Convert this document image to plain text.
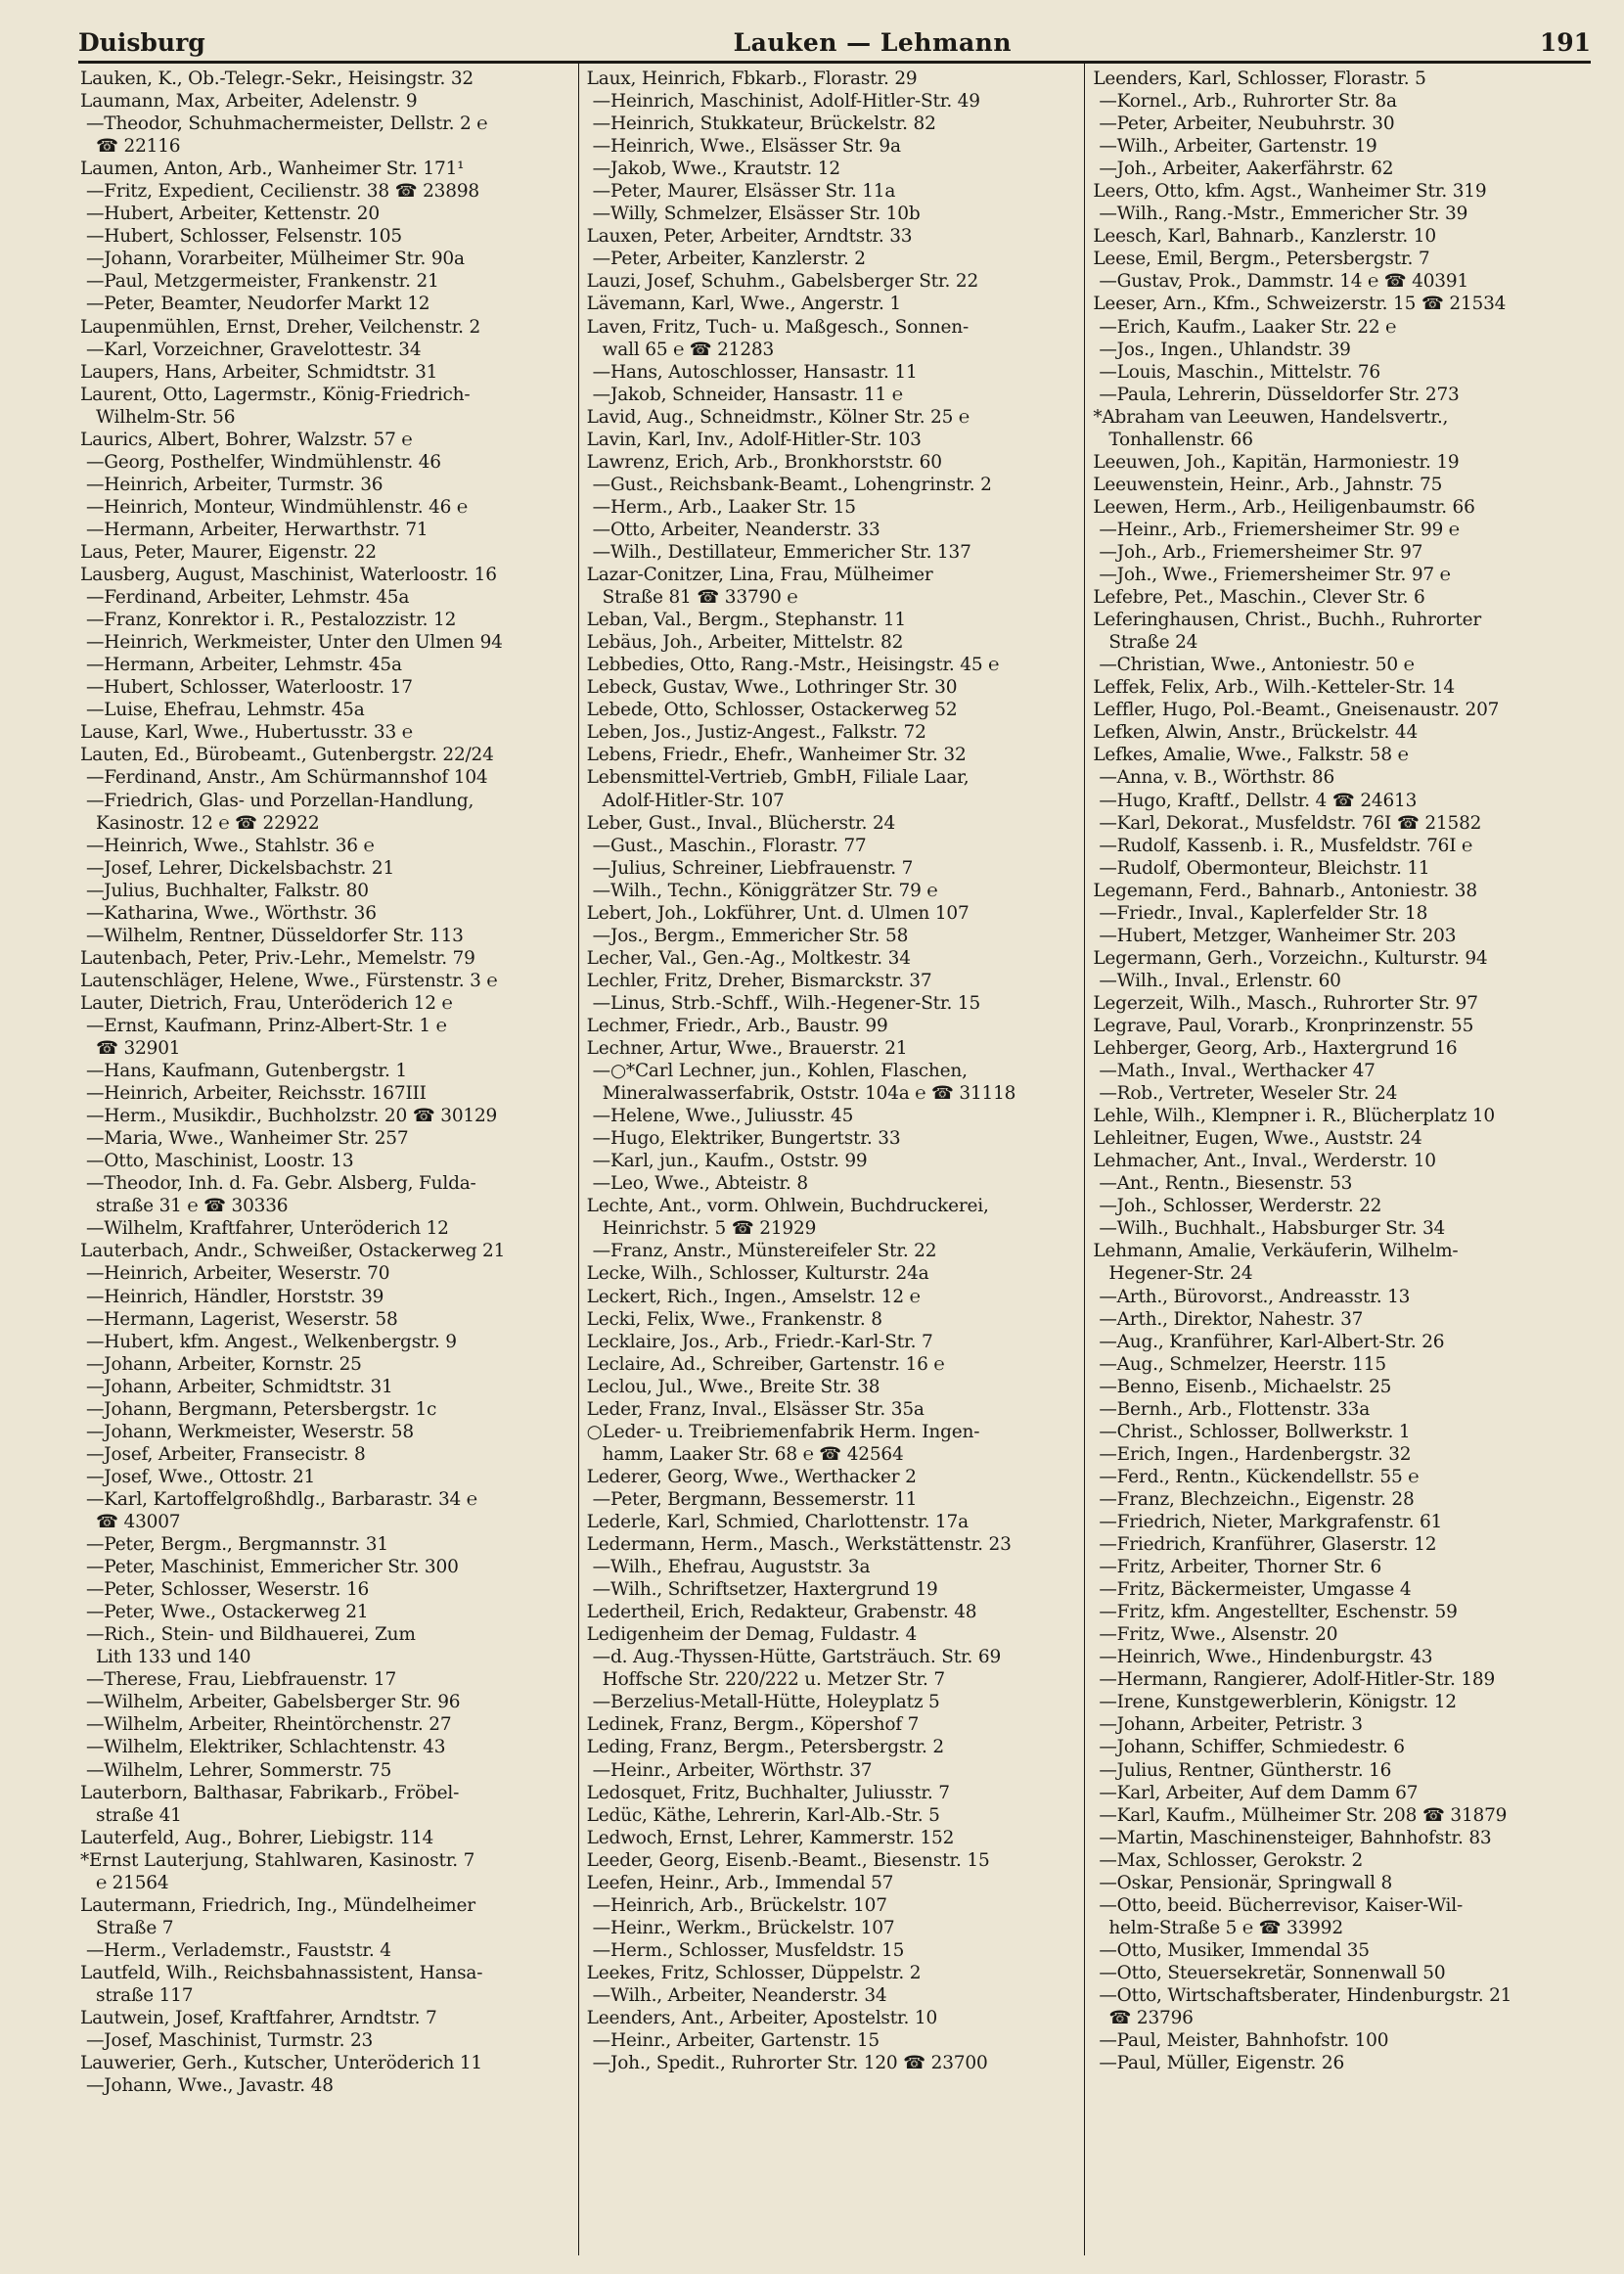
Duisburg	Lauken — Lehmann	191
Lauken, K., Ob.-Telegr.-Sekr., Heisingstr. 32
Laumann, Max, Arbeiter, Adelenstr. 9
—Theodor, Schuhmachermeister, Dellstr. 2 ℮
☎ 22116
Laumen, Anton, Arb., Wanheimer Str. 171¹
—Fritz, Expedient, Cecilienstr. 38 ☎ 23898
—Hubert, Arbeiter, Kettenstr. 20
—Hubert, Schlosser, Felsenstr. 105
—Johann, Vorarbeiter, Mülheimer Str. 90a
—Paul, Metzgermeister, Frankenstr. 21
—Peter, Beamter, Neudorfer Markt 12
Laupenmühlen, Ernst, Dreher, Veilchenstr. 2
—Karl, Vorzeichner, Gravelottestr. 34
Laupers, Hans, Arbeiter, Schmidtstr. 31
Laurent, Otto, Lagermstr., König-Friedrich-
Wilhelm-Str. 56
Laurics, Albert, Bohrer, Walzstr. 57 ℮
—Georg, Posthelfer, Windmühlenstr. 46
—Heinrich, Arbeiter, Turmstr. 36
—Heinrich, Monteur, Windmühlenstr. 46 ℮
—Hermann, Arbeiter, Herwarthstr. 71
Laus, Peter, Maurer, Eigenstr. 22
Lausberg, August, Maschinist, Waterloostr. 16
—Ferdinand, Arbeiter, Lehmstr. 45a
—Franz, Konrektor i. R., Pestalozzistr. 12
—Heinrich, Werkmeister, Unter den Ulmen 94
—Hermann, Arbeiter, Lehmstr. 45a
—Hubert, Schlosser, Waterloostr. 17
—Luise, Ehefrau, Lehmstr. 45a
Lause, Karl, Wwe., Hubertusstr. 33 ℮
Lauten, Ed., Bürobeamt., Gutenbergstr. 22/24
—Ferdinand, Anstr., Am Schürmannshof 104
—Friedrich, Glas- und Porzellan-Handlung,
Kasinostr. 12 ℮ ☎ 22922
—Heinrich, Wwe., Stahlstr. 36 ℮
—Josef, Lehrer, Dickelsbachstr. 21
—Julius, Buchhalter, Falkstr. 80
—Katharina, Wwe., Wörthstr. 36
—Wilhelm, Rentner, Düsseldorfer Str. 113
Lautenbach, Peter, Priv.-Lehr., Memelstr. 79
Lautenschläger, Helene, Wwe., Fürstenstr. 3 ℮
Lauter, Dietrich, Frau, Unteröderich 12 ℮
—Ernst, Kaufmann, Prinz-Albert-Str. 1 ℮
☎ 32901
—Hans, Kaufmann, Gutenbergstr. 1
—Heinrich, Arbeiter, Reichsstr. 167III
—Herm., Musikdir., Buchholzstr. 20 ☎ 30129
—Maria, Wwe., Wanheimer Str. 257
—Otto, Maschinist, Loostr. 13
—Theodor, Inh. d. Fa. Gebr. Alsberg, Fulda-
straße 31 ℮ ☎ 30336
—Wilhelm, Kraftfahrer, Unteröderich 12
Lauterbach, Andr., Schweißer, Ostackerweg 21
—Heinrich, Arbeiter, Weserstr. 70
—Heinrich, Händler, Horststr. 39
—Hermann, Lagerist, Weserstr. 58
—Hubert, kfm. Angest., Welkenbergstr. 9
—Johann, Arbeiter, Kornstr. 25
—Johann, Arbeiter, Schmidtstr. 31
—Johann, Bergmann, Petersbergstr. 1c
—Johann, Werkmeister, Weserstr. 58
—Josef, Arbeiter, Fransecistr. 8
—Josef, Wwe., Ottostr. 21
—Karl, Kartoffelgroßhdlg., Barbarastr. 34 ℮
☎ 43007
—Peter, Bergm., Bergmannstr. 31
—Peter, Maschinist, Emmericher Str. 300
—Peter, Schlosser, Weserstr. 16
—Peter, Wwe., Ostackerweg 21
—Rich., Stein- und Bildhauerei, Zum
Lith 133 und 140
—Therese, Frau, Liebfrauenstr. 17
—Wilhelm, Arbeiter, Gabelsberger Str. 96
—Wilhelm, Arbeiter, Rheintörchenstr. 27
—Wilhelm, Elektriker, Schlachtenstr. 43
—Wilhelm, Lehrer, Sommerstr. 75
Lauterborn, Balthasar, Fabrikarb., Fröbel-
straße 41
Lauterfeld, Aug., Bohrer, Liebigstr. 114
*Ernst Lauterjung, Stahlwaren, Kasinostr. 7
℮ 21564
Lautermann, Friedrich, Ing., Mündelheimer
Straße 7
—Herm., Verlademstr., Fauststr. 4
Lautfeld, Wilh., Reichsbahnassistent, Hansa-
straße 117
Lautwein, Josef, Kraftfahrer, Arndtstr. 7
—Josef, Maschinist, Turmstr. 23
Lauwerier, Gerh., Kutscher, Unteröderich 11
—Johann, Wwe., Javastr. 48
Laux, Heinrich, Fbkarb., Florastr. 29
—Heinrich, Maschinist, Adolf-Hitler-Str. 49
—Heinrich, Stukkateur, Brückelstr. 82
—Heinrich, Wwe., Elsässer Str. 9a
—Jakob, Wwe., Krautstr. 12
—Peter, Maurer, Elsässer Str. 11a
—Willy, Schmelzer, Elsässer Str. 10b
Lauxen, Peter, Arbeiter, Arndtstr. 33
—Peter, Arbeiter, Kanzlerstr. 2
Lauzi, Josef, Schuhm., Gabelsberger Str. 22
Lävemann, Karl, Wwe., Angerstr. 1
Laven, Fritz, Tuch- u. Maßgesch., Sonnen-
wall 65 ℮ ☎ 21283
—Hans, Autoschlosser, Hansastr. 11
—Jakob, Schneider, Hansastr. 11 ℮
Lavid, Aug., Schneidmstr., Kölner Str. 25 ℮
Lavin, Karl, Inv., Adolf-Hitler-Str. 103
Lawrenz, Erich, Arb., Bronkhorststr. 60
—Gust., Reichsbank-Beamt., Lohengrinstr. 2
—Herm., Arb., Laaker Str. 15
—Otto, Arbeiter, Neanderstr. 33
—Wilh., Destillateur, Emmericher Str. 137
Lazar-Conitzer, Lina, Frau, Mülheimer
Straße 81 ☎ 33790 ℮
Leban, Val., Bergm., Stephanstr. 11
Lebäus, Joh., Arbeiter, Mittelstr. 82
Lebbedies, Otto, Rang.-Mstr., Heisingstr. 45 ℮
Lebeck, Gustav, Wwe., Lothringer Str. 30
Lebede, Otto, Schlosser, Ostackerweg 52
Leben, Jos., Justiz-Angest., Falkstr. 72
Lebens, Friedr., Ehefr., Wanheimer Str. 32
Lebensmittel-Vertrieb, GmbH, Filiale Laar,
Adolf-Hitler-Str. 107
Leber, Gust., Inval., Blücherstr. 24
—Gust., Maschin., Florastr. 77
—Julius, Schreiner, Liebfrauenstr. 7
—Wilh., Techn., Königgrätzer Str. 79 ℮
Lebert, Joh., Lokführer, Unt. d. Ulmen 107
—Jos., Bergm., Emmericher Str. 58
Lecher, Val., Gen.-Ag., Moltkestr. 34
Lechler, Fritz, Dreher, Bismarckstr. 37
—Linus, Strb.-Schff., Wilh.-Hegener-Str. 15
Lechmer, Friedr., Arb., Baustr. 99
Lechner, Artur, Wwe., Brauerstr. 21
—○*Carl Lechner, jun., Kohlen, Flaschen,
Mineralwasserfabrik, Oststr. 104a ℮ ☎ 31118
—Helene, Wwe., Juliusstr. 45
—Hugo, Elektriker, Bungertstr. 33
—Karl, jun., Kaufm., Oststr. 99
—Leo, Wwe., Abteistr. 8
Lechte, Ant., vorm. Ohlwein, Buchdruckerei,
Heinrichstr. 5 ☎ 21929
—Franz, Anstr., Münstereifeler Str. 22
Lecke, Wilh., Schlosser, Kulturstr. 24a
Leckert, Rich., Ingen., Amselstr. 12 ℮
Lecki, Felix, Wwe., Frankenstr. 8
Lecklaire, Jos., Arb., Friedr.-Karl-Str. 7
Leclaire, Ad., Schreiber, Gartenstr. 16 ℮
Leclou, Jul., Wwe., Breite Str. 38
Leder, Franz, Inval., Elsässer Str. 35a
○Leder- u. Treibriemenfabrik Herm. Ingen-
hamm, Laaker Str. 68 ℮ ☎ 42564
Lederer, Georg, Wwe., Werthacker 2
—Peter, Bergmann, Bessemerstr. 11
Lederle, Karl, Schmied, Charlottenstr. 17a
Ledermann, Herm., Masch., Werkstättenstr. 23
—Wilh., Ehefrau, Auguststr. 3a
—Wilh., Schriftsetzer, Haxtergrund 19
Ledertheil, Erich, Redakteur, Grabenstr. 48
Ledigenheim der Demag, Fuldastr. 4
—d. Aug.-Thyssen-Hütte, Gartsträuch. Str. 69
Hoffsche Str. 220/222 u. Metzer Str. 7
—Berzelius-Metall-Hütte, Holeyplatz 5
Ledinek, Franz, Bergm., Köpershof 7
Leding, Franz, Bergm., Petersbergstr. 2
—Heinr., Arbeiter, Wörthstr. 37
Ledosquet, Fritz, Buchhalter, Juliusstr. 7
Ledüc, Käthe, Lehrerin, Karl-Alb.-Str. 5
Ledwoch, Ernst, Lehrer, Kammerstr. 152
Leeder, Georg, Eisenb.-Beamt., Biesenstr. 15
Leefen, Heinr., Arb., Immendal 57
—Heinrich, Arb., Brückelstr. 107
—Heinr., Werkm., Brückelstr. 107
—Herm., Schlosser, Musfeldstr. 15
Leekes, Fritz, Schlosser, Düppelstr. 2
—Wilh., Arbeiter, Neanderstr. 34
Leenders, Ant., Arbeiter, Apostelstr. 10
—Heinr., Arbeiter, Gartenstr. 15
—Joh., Spedit., Ruhrorter Str. 120 ☎ 23700
Leenders, Karl, Schlosser, Florastr. 5
—Kornel., Arb., Ruhrorter Str. 8a
—Peter, Arbeiter, Neubuhrstr. 30
—Wilh., Arbeiter, Gartenstr. 19
—Joh., Arbeiter, Aakerfährstr. 62
Leers, Otto, kfm. Agst., Wanheimer Str. 319
—Wilh., Rang.-Mstr., Emmericher Str. 39
Leesch, Karl, Bahnarb., Kanzlerstr. 10
Leese, Emil, Bergm., Petersbergstr. 7
—Gustav, Prok., Dammstr. 14 ℮ ☎ 40391
Leeser, Arn., Kfm., Schweizerstr. 15 ☎ 21534
—Erich, Kaufm., Laaker Str. 22 ℮
—Jos., Ingen., Uhlandstr. 39
—Louis, Maschin., Mittelstr. 76
—Paula, Lehrerin, Düsseldorfer Str. 273
*Abraham van Leeuwen, Handelsvertr.,
Tonhallenstr. 66
Leeuwen, Joh., Kapitän, Harmoniestr. 19
Leeuwenstein, Heinr., Arb., Jahnstr. 75
Leewen, Herm., Arb., Heiligenbaumstr. 66
—Heinr., Arb., Friemersheimer Str. 99 ℮
—Joh., Arb., Friemersheimer Str. 97
—Joh., Wwe., Friemersheimer Str. 97 ℮
Lefebre, Pet., Maschin., Clever Str. 6
Leferinghausen, Christ., Buchh., Ruhrorter
Straße 24
—Christian, Wwe., Antoniestr. 50 ℮
Leffek, Felix, Arb., Wilh.-Ketteler-Str. 14
Leffler, Hugo, Pol.-Beamt., Gneisenaustr. 207
Lefken, Alwin, Anstr., Brückelstr. 44
Lefkes, Amalie, Wwe., Falkstr. 58 ℮
—Anna, v. B., Wörthstr. 86
—Hugo, Kraftf., Dellstr. 4 ☎ 24613
—Karl, Dekorat., Musfeldstr. 76I ☎ 21582
—Rudolf, Kassenb. i. R., Musfeldstr. 76I ℮
—Rudolf, Obermonteur, Bleichstr. 11
Legemann, Ferd., Bahnarb., Antoniestr. 38
—Friedr., Inval., Kaplerfelder Str. 18
—Hubert, Metzger, Wanheimer Str. 203
Legermann, Gerh., Vorzeichn., Kulturstr. 94
—Wilh., Inval., Erlenstr. 60
Legerzeit, Wilh., Masch., Ruhrorter Str. 97
Legrave, Paul, Vorarb., Kronprinzenstr. 55
Lehberger, Georg, Arb., Haxtergrund 16
—Math., Inval., Werthacker 47
—Rob., Vertreter, Weseler Str. 24
Lehle, Wilh., Klempner i. R., Blücherplatz 10
Lehleitner, Eugen, Wwe., Auststr. 24
Lehmacher, Ant., Inval., Werderstr. 10
—Ant., Rentn., Biesenstr. 53
—Joh., Schlosser, Werderstr. 22
—Wilh., Buchhalt., Habsburger Str. 34
Lehmann, Amalie, Verkäuferin, Wilhelm-
Hegener-Str. 24
—Arth., Bürovorst., Andreasstr. 13
—Arth., Direktor, Nahestr. 37
—Aug., Kranführer, Karl-Albert-Str. 26
—Aug., Schmelzer, Heerstr. 115
—Benno, Eisenb., Michaelstr. 25
—Bernh., Arb., Flottenstr. 33a
—Christ., Schlosser, Bollwerkstr. 1
—Erich, Ingen., Hardenbergstr. 32
—Ferd., Rentn., Kückendellstr. 55 ℮
—Franz, Blechzeichn., Eigenstr. 28
—Friedrich, Nieter, Markgrafenstr. 61
—Friedrich, Kranführer, Glaserstr. 12
—Fritz, Arbeiter, Thorner Str. 6
—Fritz, Bäckermeister, Umgasse 4
—Fritz, kfm. Angestellter, Eschenstr. 59
—Fritz, Wwe., Alsenstr. 20
—Heinrich, Wwe., Hindenburgstr. 43
—Hermann, Rangierer, Adolf-Hitler-Str. 189
—Irene, Kunstgewerblerin, Königstr. 12
—Johann, Arbeiter, Petristr. 3
—Johann, Schiffer, Schmiedestr. 6
—Julius, Rentner, Güntherstr. 16
—Karl, Arbeiter, Auf dem Damm 67
—Karl, Kaufm., Mülheimer Str. 208 ☎ 31879
—Martin, Maschinensteiger, Bahnhofstr. 83
—Max, Schlosser, Gerokstr. 2
—Oskar, Pensionär, Springwall 8
—Otto, beeid. Bücherrevisor, Kaiser-Wil-
helm-Straße 5 ℮ ☎ 33992
—Otto, Musiker, Immendal 35
—Otto, Steuersekretär, Sonnenwall 50
—Otto, Wirtschaftsberater, Hindenburgstr. 21
☎ 23796
—Paul, Meister, Bahnhofstr. 100
—Paul, Müller, Eigenstr. 26
